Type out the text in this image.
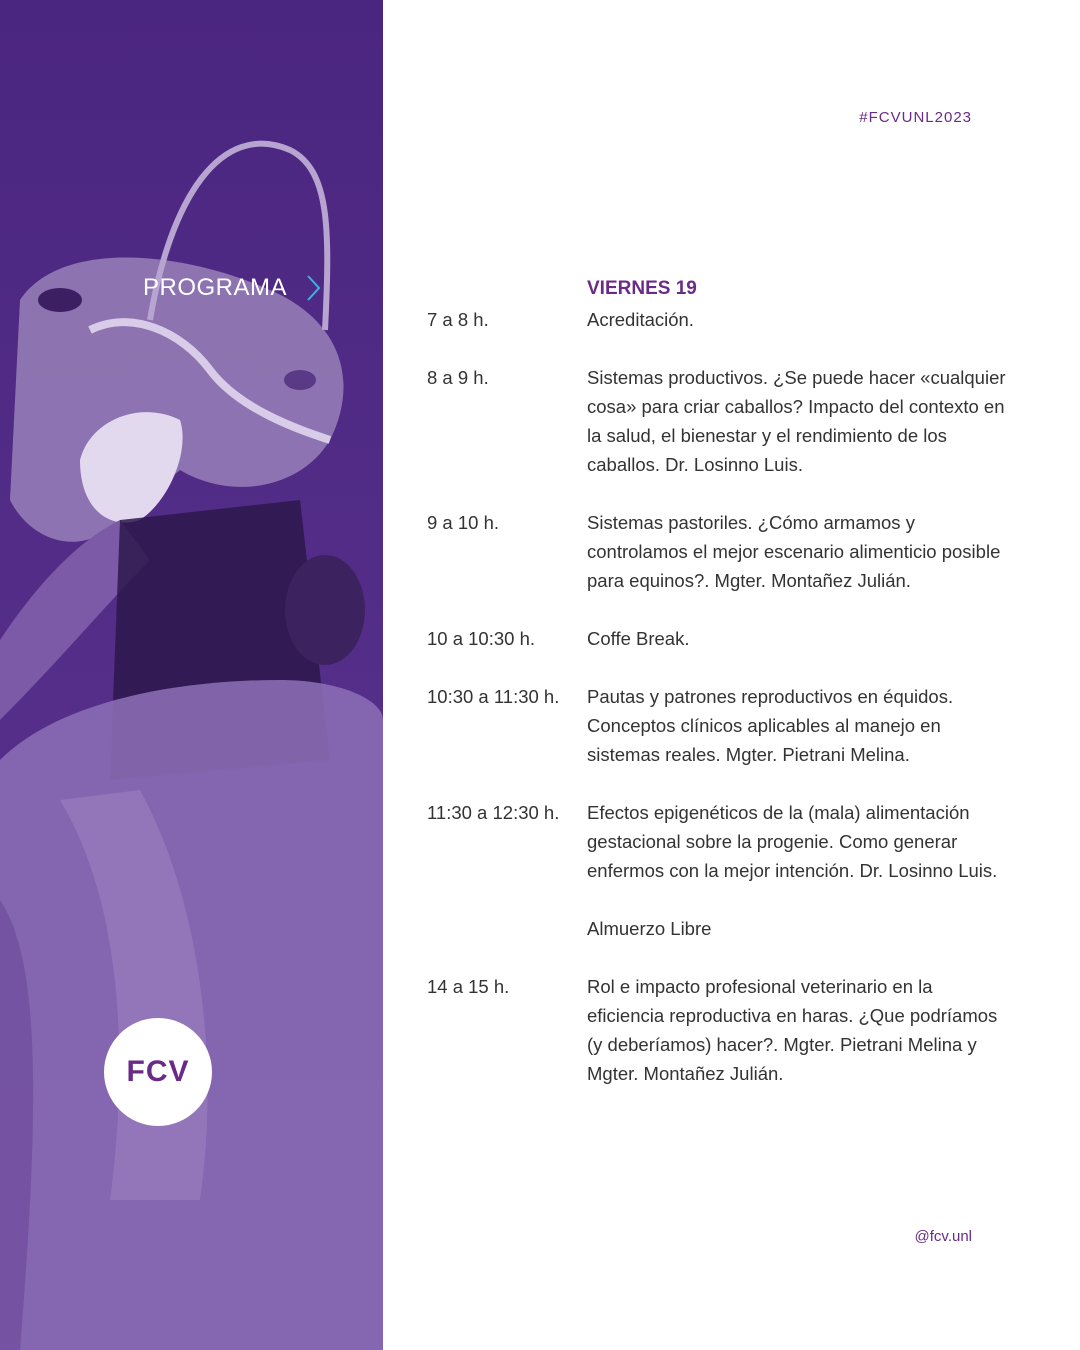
PROGRAMA
FCV
#FCVUNL2023
VIERNES 19
7 a 8 h.	Acreditación.
8 a 9 h.	Sistemas productivos. ¿Se puede hacer «cualquier cosa» para criar caballos? Impacto del contexto en la salud, el bienestar y el rendimiento de los caballos. Dr. Losinno Luis.
9 a 10 h.	Sistemas pastoriles. ¿Cómo armamos y controlamos el mejor escenario alimenticio posible para equinos?. Mgter. Montañez Julián.
10 a 10:30 h.	Coffe Break.
10:30 a 11:30 h.	Pautas y patrones reproductivos en équidos. Conceptos clínicos aplicables al manejo en sistemas reales. Mgter. Pietrani Melina.
11:30 a 12:30 h.	Efectos epigenéticos de la (mala) alimentación gestacional sobre la progenie. Como generar enfermos con la mejor intención. Dr. Losinno Luis.
Almuerzo Libre
14 a 15 h.	Rol e impacto profesional veterinario en la eficiencia reproductiva en haras. ¿Que podríamos (y deberíamos) hacer?. Mgter. Pietrani Melina y Mgter. Montañez Julián.
@fcv.unl
